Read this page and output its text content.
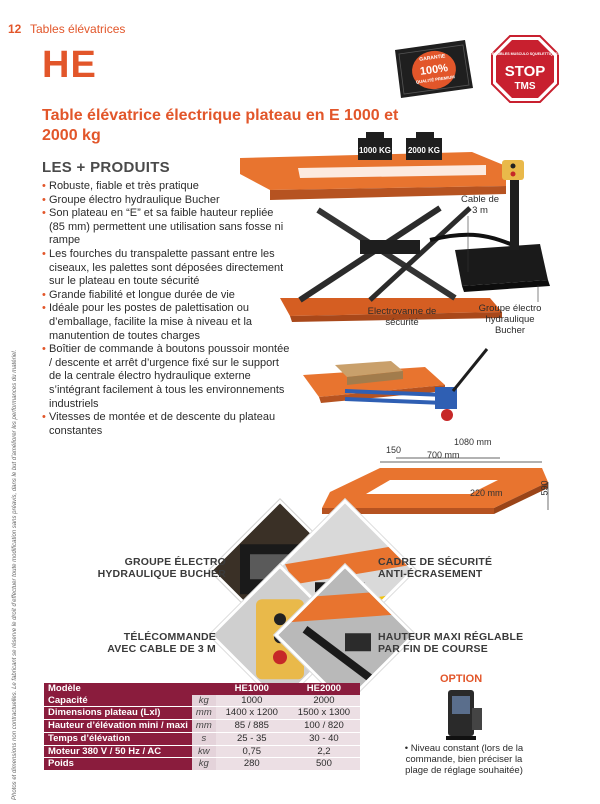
12 Tables élévatrices
HE	GARANTIE
100%
QUALITÉ PREMIUM
TROUBLES MUSCULO SQUELETTIQUES
STOP
TMS
Table élévatrice électrique plateau en E 1000 et 2000 kg
LES + PRODUITS
• Robuste, fiable et très pratique
• Groupe électro hydraulique Bucher
• Son plateau en “E” et sa faible hauteur repliée (85 mm) permettent une utilisation sans fosse ni rampe
• Les fourches du transpalette passant entre les ciseaux, les palettes sont déposées directement sur le plateau en toute sécurité
• Grande fiabilité et longue durée de vie
• Idéale pour les postes de palettisation ou d’emballage, facilite la mise à niveau et la manutention de toutes charges
• Boîtier de commande à boutons poussoir montée / descente et arrêt d’urgence fixé sur le support de la centrale électro hydraulique externe s’intégrant facilement à tous les environnements industriels
• Vitesses de montée et de descente du plateau constantes
1000 KG 2000 KG
Cable de 3 m
Electrovanne de sécurité
Groupe électro hydraulique Bucher
1080 mm
700 mm
150
220 mm	590
GROUPE ÉLECTRO HYDRAULIQUE BUCHER
CADRE DE SÉCURITÉ ANTI-ÉCRASEMENT
TÉLÉCOMMANDE AVEC CABLE DE 3 M
HAUTEUR MAXI RÉGLABLE PAR FIN DE COURSE
Modèle		HE1000	HE2000
Capacité	kg	1000	2000
Dimensions plateau (Lxl)	mm	1400 x 1200	1500 x 1300
Hauteur d’élévation mini / maxi	mm	85 / 885	100 / 820
Temps d’élévation	s	25 - 35	30 - 40
Moteur 380 V / 50 Hz / AC	kw	0,75	2,2
Poids	kg	280	500
OPTION
• Niveau constant (lors de la commande, bien préciser la plage de réglage souhaitée)
Photos et dimensions non contractuelles. Le fabricant se réserve le droit d’effectuer toute modification sans préavis, dans le but d’améliorer les performances du matériel.
